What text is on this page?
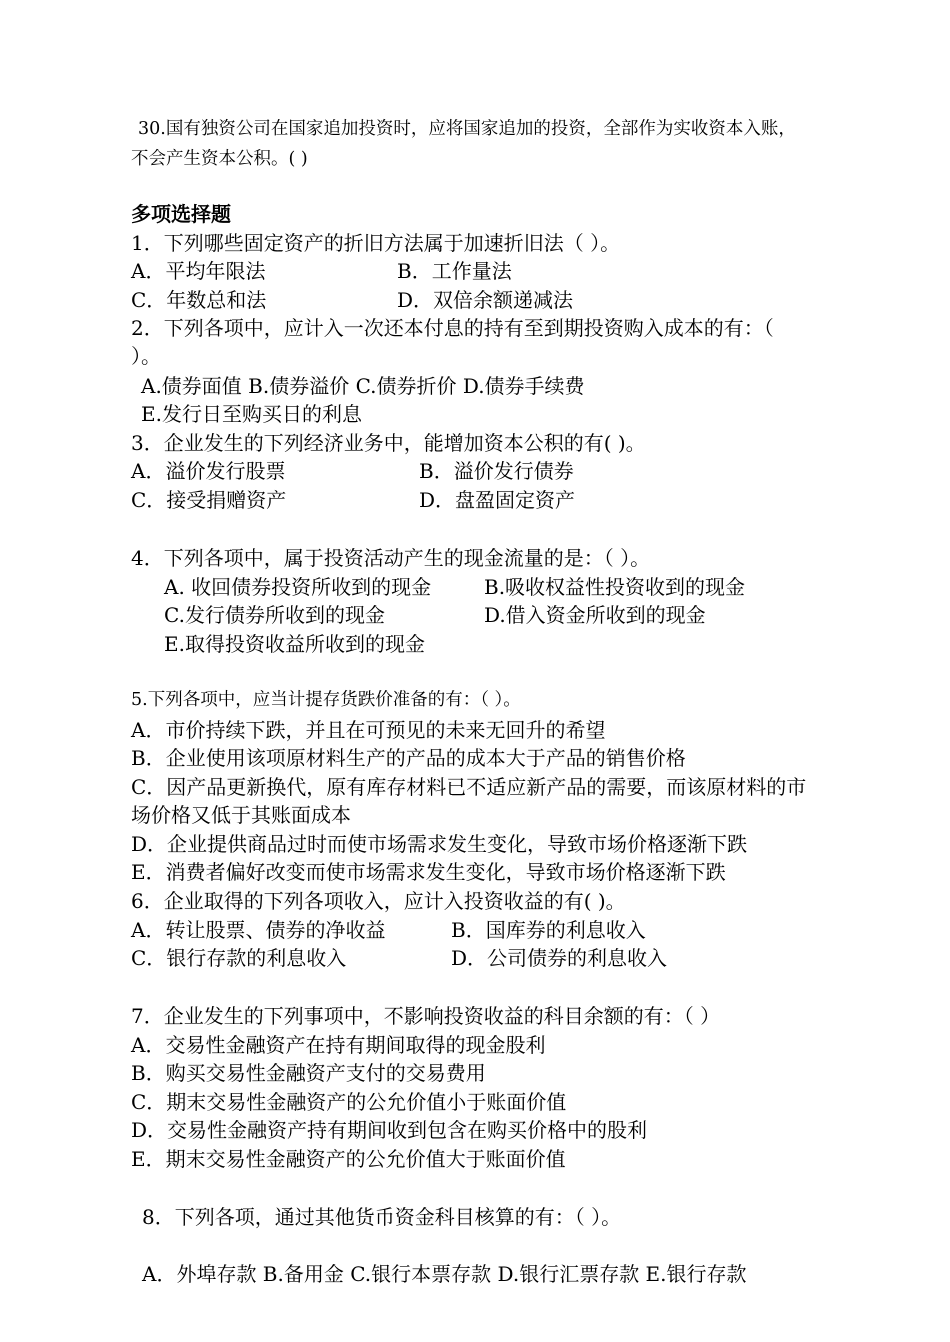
30.国有独资公司在国家追加投资时，应将国家追加的投资，全部作为实收资本入账，
不会产生资本公积。( )
多项选择题
1．下列哪些固定资产的折旧方法属于加速折旧法（ ）。
A．平均年限法	B．工作量法
C．年数总和法	D．双倍余额递减法
2．下列各项中，应计入一次还本付息的持有至到期投资购入成本的有：（
）。
A.债券面值 B.债券溢价 C.债券折价 D.债券手续费
E.发行日至购买日的利息
3．企业发生的下列经济业务中，能增加资本公积的有( )。
A．溢价发行股票	B．溢价发行债券
C．接受捐赠资产	D．盘盈固定资产
4．下列各项中，属于投资活动产生的现金流量的是：（ ）。
A. 收回债券投资所收到的现金	B.吸收权益性投资收到的现金
C.发行债券所收到的现金	D.借入资金所收到的现金
E.取得投资收益所收到的现金
5.下列各项中，应当计提存货跌价准备的有：（ ）。
A．市价持续下跌，并且在可预见的未来无回升的希望
B．企业使用该项原材料生产的产品的成本大于产品的销售价格
C．因产品更新换代，原有库存材料已不适应新产品的需要，而该原材料的市
场价格又低于其账面成本
D．企业提供商品过时而使市场需求发生变化，导致市场价格逐渐下跌
E．消费者偏好改变而使市场需求发生变化，导致市场价格逐渐下跌
6．企业取得的下列各项收入，应计入投资收益的有( )。
A．转让股票、债券的净收益	B．国库券的利息收入
C．银行存款的利息收入	D．公司债券的利息收入
7．企业发生的下列事项中，不影响投资收益的科目余额的有：（ ）
A．交易性金融资产在持有期间取得的现金股利
B．购买交易性金融资产支付的交易费用
C．期末交易性金融资产的公允价值小于账面价值
D．交易性金融资产持有期间收到包含在购买价格中的股利
E．期末交易性金融资产的公允价值大于账面价值
8．下列各项，通过其他货币资金科目核算的有：（ ）。
A．外埠存款 B.备用金 C.银行本票存款 D.银行汇票存款 E.银行存款
